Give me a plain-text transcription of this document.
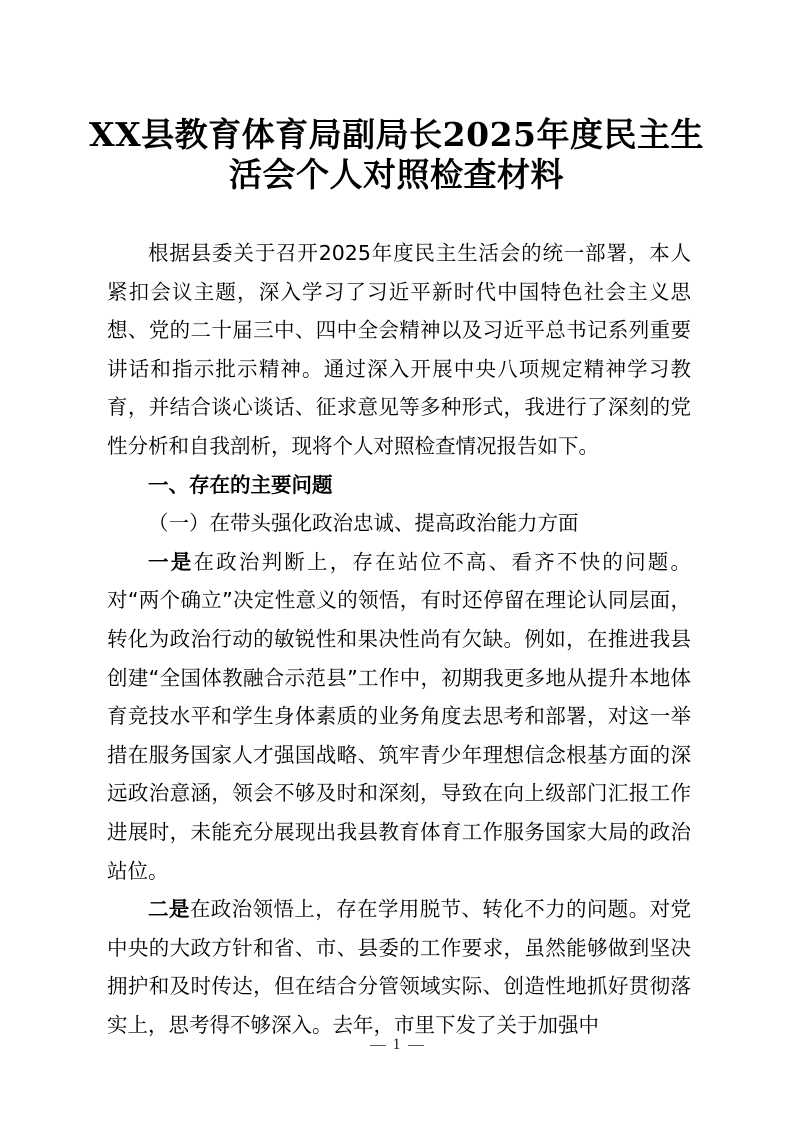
XX县教育体育局副局长2025年度民主生
活会个人对照检查材料

根据县委关于召开2025年度民主生活会的统一部署，本人紧扣会议主题，深入学习了习近平新时代中国特色社会主义思想、党的二十届三中、四中全会精神以及习近平总书记系列重要讲话和指示批示精神。通过深入开展中央八项规定精神学习教育，并结合谈心谈话、征求意见等多种形式，我进行了深刻的党性分析和自我剖析，现将个人对照检查情况报告如下。

一、存在的主要问题

（一）在带头强化政治忠诚、提高政治能力方面

一是在政治判断上，存在站位不高、看齐不快的问题。对“两个确立”决定性意义的领悟，有时还停留在理论认同层面，转化为政治行动的敏锐性和果决性尚有欠缺。例如，在推进我县创建“全国体教融合示范县”工作中，初期我更多地从提升本地体育竞技水平和学生身体素质的业务角度去思考和部署，对这一举措在服务国家人才强国战略、筑牢青少年理想信念根基方面的深远政治意涵，领会不够及时和深刻，导致在向上级部门汇报工作进展时，未能充分展现出我县教育体育工作服务国家大局的政治站位。

二是在政治领悟上，存在学用脱节、转化不力的问题。对党中央的大政方针和省、市、县委的工作要求，虽然能够做到坚决拥护和及时传达，但在结合分管领域实际、创造性地抓好贯彻落实上，思考得不够深入。去年，市里下发了关于加强中

1
